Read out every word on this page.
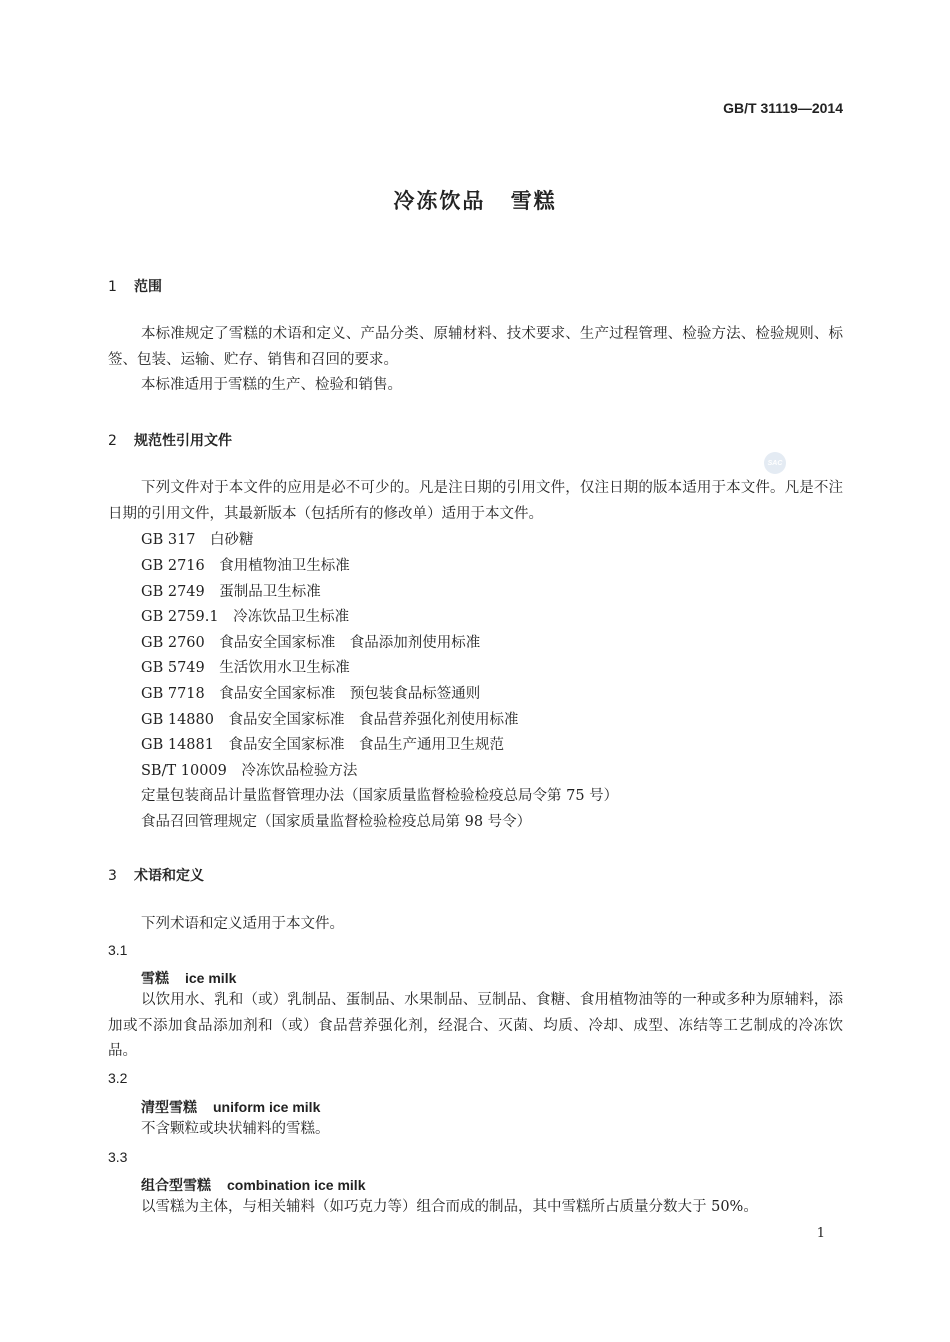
GB/T 31119—2014
冷冻饮品 雪糕
1 范围

本标准规定了雪糕的术语和定义、产品分类、原辅材料、技术要求、生产过程管理、检验方法、检验规则、标签、包装、运输、贮存、销售和召回的要求。

本标准适用于雪糕的生产、检验和销售。

2 规范性引用文件
SAC

下列文件对于本文件的应用是必不可少的。凡是注日期的引用文件，仅注日期的版本适用于本文件。凡是不注日期的引用文件，其最新版本（包括所有的修改单）适用于本文件。

GB 317　白砂糖
GB 2716　食用植物油卫生标准
GB 2749　蛋制品卫生标准
GB 2759.1　冷冻饮品卫生标准
GB 2760　食品安全国家标准　食品添加剂使用标准
GB 5749　生活饮用水卫生标准
GB 7718　食品安全国家标准　预包装食品标签通则
GB 14880　食品安全国家标准　食品营养强化剂使用标准
GB 14881　食品安全国家标准　食品生产通用卫生规范
SB/T 10009　冷冻饮品检验方法
定量包装商品计量监督管理办法（国家质量监督检验检疫总局令第 75 号）
食品召回管理规定（国家质量监督检验检疫总局第 98 号令）
3 术语和定义

下列术语和定义适用于本文件。

3.1
雪糕 ice milk

以饮用水、乳和（或）乳制品、蛋制品、水果制品、豆制品、食糖、食用植物油等的一种或多种为原辅料，添加或不添加食品添加剂和（或）食品营养强化剂，经混合、灭菌、均质、冷却、成型、冻结等工艺制成的冷冻饮品。

3.2
清型雪糕 uniform ice milk

不含颗粒或块状辅料的雪糕。

3.3
组合型雪糕 combination ice milk

以雪糕为主体，与相关辅料（如巧克力等）组合而成的制品，其中雪糕所占质量分数大于 50%。

1
